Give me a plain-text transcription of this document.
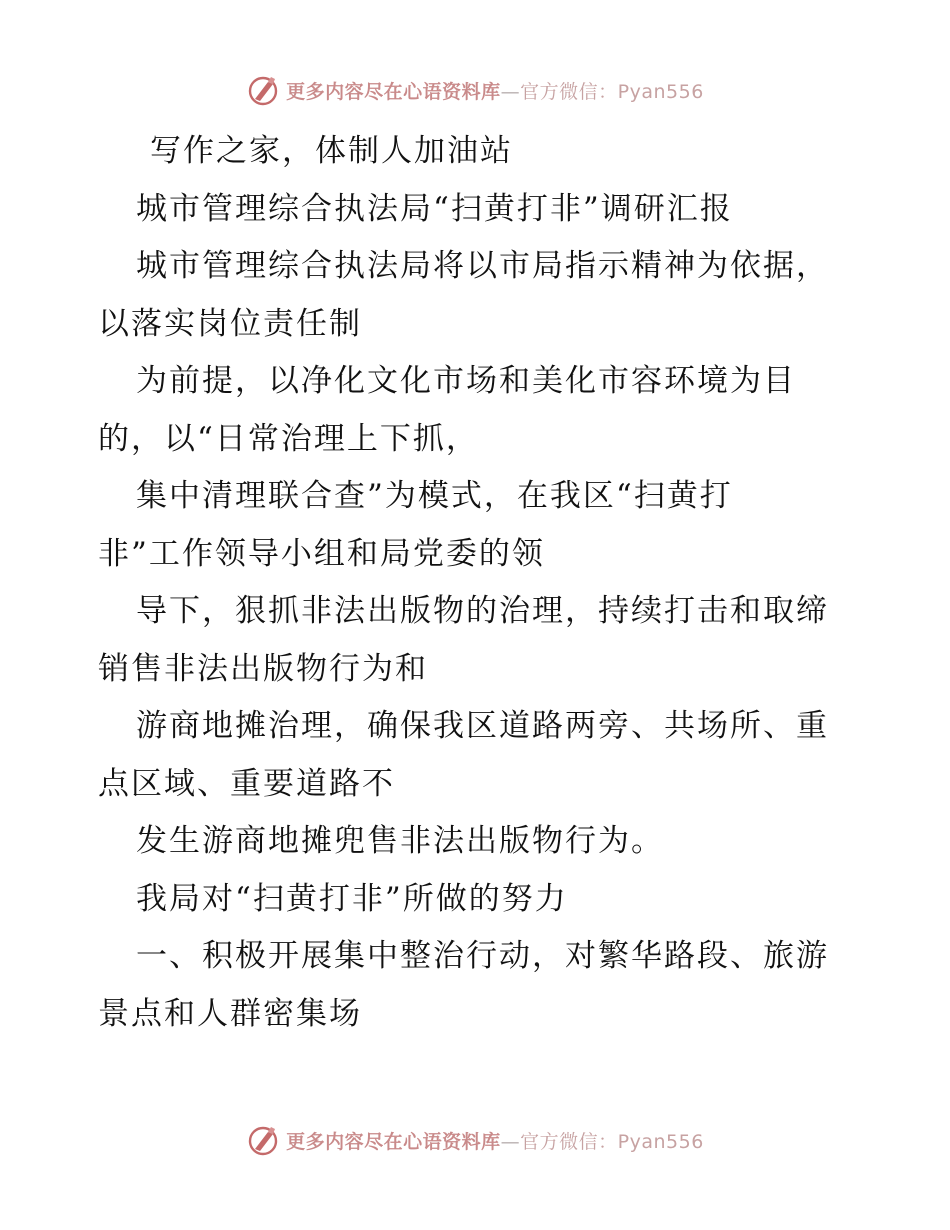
更多内容尽在心语资料库—官方微信：Pyan556
写作之家，体制人加油站
城市管理综合执法局“扫黄打非”调研汇报
城市管理综合执法局将以市局指示精神为依据，
以落实岗位责任制
为前提，以净化文化市场和美化市容环境为目
的，以“日常治理上下抓，
集中清理联合查”为模式，在我区“扫黄打
非”工作领导小组和局党委的领
导下，狠抓非法出版物的治理，持续打击和取缔
销售非法出版物行为和
游商地摊治理，确保我区道路两旁、共场所、重
点区域、重要道路不
发生游商地摊兜售非法出版物行为。
我局对“扫黄打非”所做的努力
一、积极开展集中整治行动，对繁华路段、旅游
景点和人群密集场
更多内容尽在心语资料库—官方微信：Pyan556
